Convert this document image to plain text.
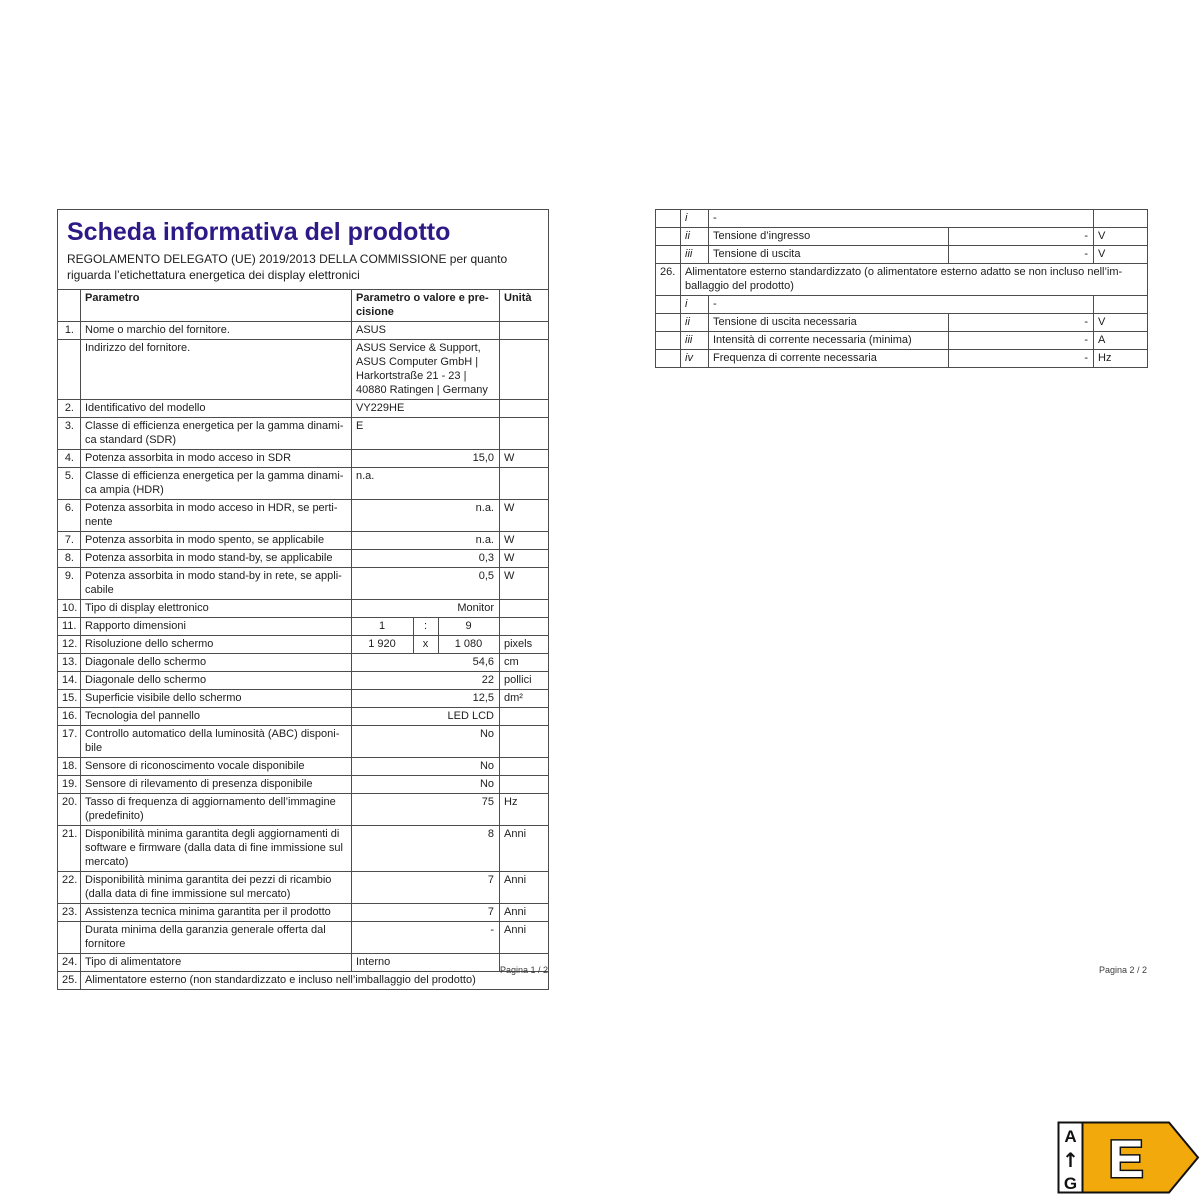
Scheda informativa del prodotto
REGOLAMENTO DELEGATO (UE) 2019/2013 DELLA COMMISSIONE per quanto riguarda l’etichettatura energetica dei display elettronici					

	Parametro	Parametro o valore e precisione			Unità
1.	Nome o marchio del fornitore.	ASUS			
	Indirizzo del fornitore.	ASUS Service & Support, ASUS Computer GmbH | Harkortstraße 21 - 23 | 40880 Ratingen | Germany			
2.	Identificativo del modello	VY229HE			
3.	Classe di efficienza energetica per la gamma dinamica standard (SDR)	E			
4.	Potenza assorbita in modo acceso in SDR	15,0			W
5.	Classe di efficienza energetica per la gamma dinamica ampia (HDR)	n.a.			
6.	Potenza assorbita in modo acceso in HDR, se pertinente	n.a.			W
7.	Potenza assorbita in modo spento, se applicabile	n.a.			W
8.	Potenza assorbita in modo stand-by, se applicabile	0,3			W
9.	Potenza assorbita in modo stand-by in rete, se applicabile	0,5			W
10.	Tipo di display elettronico	Monitor			
11.	Rapporto dimensioni	1	:	9	
12.	Risoluzione dello schermo	1 920	x	1 080	pixels
13.	Diagonale dello schermo	54,6			cm
14.	Diagonale dello schermo	22			pollici
15.	Superficie visibile dello schermo	12,5			dm²
16.	Tecnologia del pannello	LED LCD			
17.	Controllo automatico della luminosità (ABC) disponibile	No			
18.	Sensore di riconoscimento vocale disponibile	No			
19.	Sensore di rilevamento di presenza disponibile	No			
20.	Tasso di frequenza di aggiornamento dell’immagine (predefinito)	75			Hz
21.	Disponibilità minima garantita degli aggiornamenti di software e firmware (dalla data di fine immissione sul mercato)	8			Anni
22.	Disponibilità minima garantita dei pezzi di ricambio (dalla data di fine immissione sul mercato)	7			Anni
23.	Assistenza tecnica minima garantita per il prodotto	7			Anni
	Durata minima della garanzia generale offerta dal fornitore	-			Anni
24.	Tipo di alimentatore	Interno			
25.	Alimentatore esterno (non standardizzato e incluso nell’imballaggio del prodotto)				
Pagina 1 / 2
	i	-		
	ii	Tensione d’ingresso	-	V
	iii	Tensione di uscita	-	V
26.	Alimentatore esterno standardizzato (o alimentatore esterno adatto se non incluso nell’imballaggio del prodotto)			
	i	-		
	ii	Tensione di uscita necessaria	-	V
	iii	Intensità di corrente necessaria (minima)	-	A
	iv	Frequenza di corrente necessaria	-	Hz
Pagina 2 / 2
A
↑
G E
